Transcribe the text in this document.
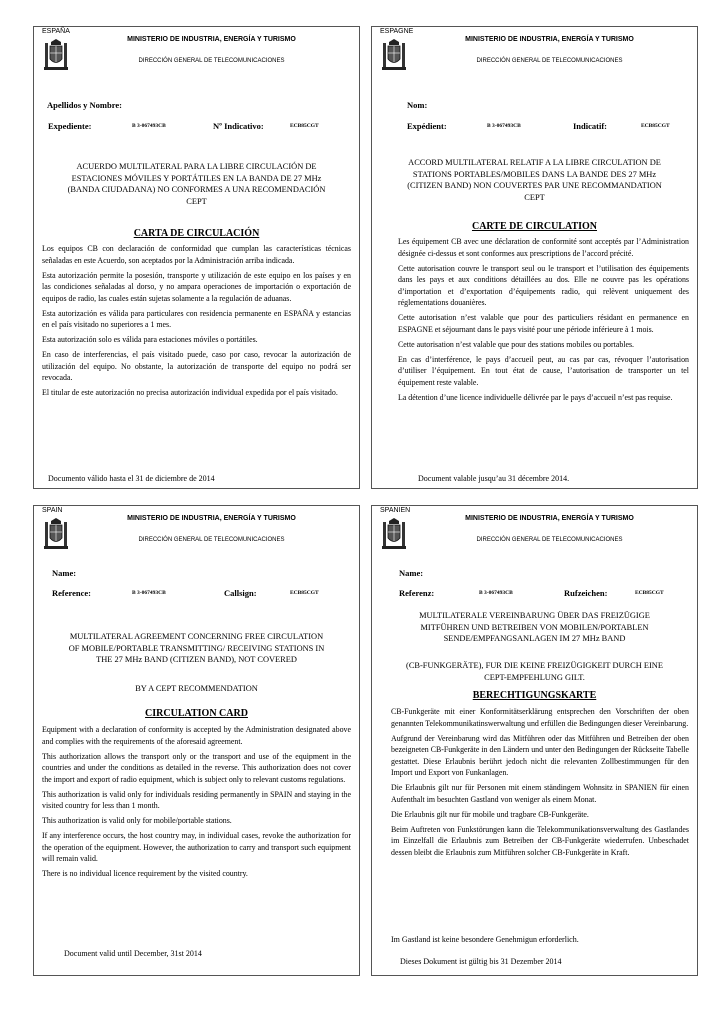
ESPAÑA
MINISTERIO DE INDUSTRIA, ENERGÍA Y TURISMO
DIRECCIÓN GENERAL DE TELECOMUNICACIONES
Apellidos y Nombre:
Expediente:	B 3-067493CB	Nº Indicativo:	ECB85CGT
ACUERDO MULTILATERAL PARA LA LIBRE CIRCULACIÓN DE ESTACIONES MÓVILES Y PORTÁTILES EN LA BANDA DE 27 MHz (BANDA CIUDADANA) NO CONFORMES A UNA RECOMENDACIÓN CEPT
CARTA DE CIRCULACIÓN

Los equipos CB con declaración de conformidad que cumplan las características técnicas señaladas en este Acuerdo, son aceptados por la Administración arriba indicada.

Esta autorización permite la posesión, transporte y utilización de este equipo en los países y en las condiciones señaladas al dorso, y no ampara operaciones de importación o exportación de equipos de radio, las cuales están sujetas solamente a la regulación de aduanas.

Esta autorización es válida para particulares con residencia permanente en ESPAÑA y estancias en el país visitado no superiores a 1 mes.

Esta autorización solo es válida para estaciones móviles o portátiles.

En caso de interferencias, el país visitado puede, caso por caso, revocar la autorización de utilización del equipo. No obstante, la autorización de transporte del equipo no podrá ser revocada.

El titular de este autorización no precisa autorización individual expedida por el país visitado.

Documento válido hasta el 31 de diciembre de 2014
ESPAGNE
MINISTERIO DE INDUSTRIA, ENERGÍA Y TURISMO
DIRECCIÓN GENERAL DE TELECOMUNICACIONES
Nom:
Expédient:	B 3-067493CB	Indicatif:	ECB85CGT
ACCORD MULTILATERAL RELATIF A LA LIBRE CIRCULATION DE STATIONS PORTABLES/MOBILES DANS LA BANDE DES 27 MHz (CITIZEN BAND) NON COUVERTES PAR UNE RECOMMANDATION CEPT
CARTE DE CIRCULATION

Les équipement CB avec une déclaration de conformité sont acceptés par l’Administration désignée ci-dessus et sont conformes aux prescriptions de l’accord précité.

Cette autorisation couvre le transport seul ou le transport et l’utilisation des équipements dans les pays et aux conditions détaillées au dos. Elle ne couvre pas les opérations d’importation et d’exportation d’équipements radio, qui relèvent uniquement des réglementations douanières.

Cette autorisation n’est valable que pour des particuliers résidant en permanence en ESPAGNE et séjournant dans le pays visité pour une période inférieure à 1 mois.

Cette autorisation n’est valable que pour des stations mobiles ou portables.

En cas d’interférence, le pays d’accueil peut, au cas par cas, révoquer l’autorisation d’utiliser l’équipement. En tout état de cause, l’autorisation de transporter un tel équipement reste valable.

La détention d’une licence individuelle délivrée par le pays d’accueil n’est pas requise.

Document valable jusqu’au 31 décembre 2014.
SPAIN
MINISTERIO DE INDUSTRIA, ENERGÍA Y TURISMO
DIRECCIÓN GENERAL DE TELECOMUNICACIONES
Name:
Reference:	B 3-067493CB	Callsign:	ECB85CGT
MULTILATERAL AGREEMENT CONCERNING FREE CIRCULATION OF MOBILE/PORTABLE TRANSMITTING/ RECEIVING STATIONS IN THE 27 MHz BAND (CITIZEN BAND), NOT COVERED
BY A CEPT RECOMMENDATION
CIRCULATION CARD

Equipment with a declaration of conformity is accepted by the Administration designated above and complies with the requirements of the aforesaid agreement.

This authorization allows the transport only or the transport and use of the equipment in the countries and under the conditions as detailed in the reverse. This authorization does not cover the import and export of radio equipment, which is subject only to relevant customs regulations.

This authorization is valid only for individuals residing permanently in SPAIN and staying in the visited country for less than 1 month.

This authorization is valid only for mobile/portable stations.

If any interference occurs, the host country may, in individual cases, revoke the authorization for the operation of the equipment. However, the authorization to carry and transport such equipment will remain valid.

There is no individual licence requirement by the visited country.

Document valid until December, 31st 2014
SPANIEN
MINISTERIO DE INDUSTRIA, ENERGÍA Y TURISMO
DIRECCIÓN GENERAL DE TELECOMUNICACIONES
Name:
Referenz:	B 3-067493CB	Rufzeichen:	ECB85CGT
MULTILATERALE VEREINBARUNG ÜBER DAS FREIZÜGIGE MITFÜHREN UND BETREIBEN VON MOBILEN/PORTABLEN SENDE/EMPFANGSANLAGEN IM 27 MHz BAND
(CB-FUNKGERÄTE), FUR DIE KEINE FREIZÜGIGKEIT DURCH EINE CEPT-EMPFEHLUNG GILT.
BERECHTIGUNGSKARTE

CB-Funkgeräte mit einer Konformitätserklärung entsprechen den Vorschriften der oben genannten Telekommunikatinswerwaltung und erfüllen die Bedingungen dieser Vereinbarung.

Aufgrund der Vereinbarung wird das Mitführen oder das Mitführen und Betreiben der oben bezeigneten CB-Funkgeräte in den Ländern und unter den Bedingungen der Rückseite Tabelle gestattet. Diese Erlaubnis berührt jedoch nicht die relevanten Zollbestimmungen für den Import und Export von Funkanlagen.

Die Erlaubnis gilt nur für Personen mit einem ständingem Wohnsitz in SPANIEN für einen Aufenthalt im besuchten Gastland von weniger als einem Monat.

Die Erlaubnis gilt nur für mobile und tragbare CB-Funkgeräte.

Beim Auftreten von Funkstörungen kann die Telekommunikationsverwaltung des Gastlandes im Einzelfall die Erlaubnis zum Betreiben der CB-Funkgeräte wiederrufen. Unbeschadet dessen bleibt die Erlaubnis zum Mitführen solcher CB-Funkgeräte in Kraft.

Im Gastland ist keine besondere Genehmigun erforderlich.
Dieses Dokument ist gültig bis 31 Dezember 2014
